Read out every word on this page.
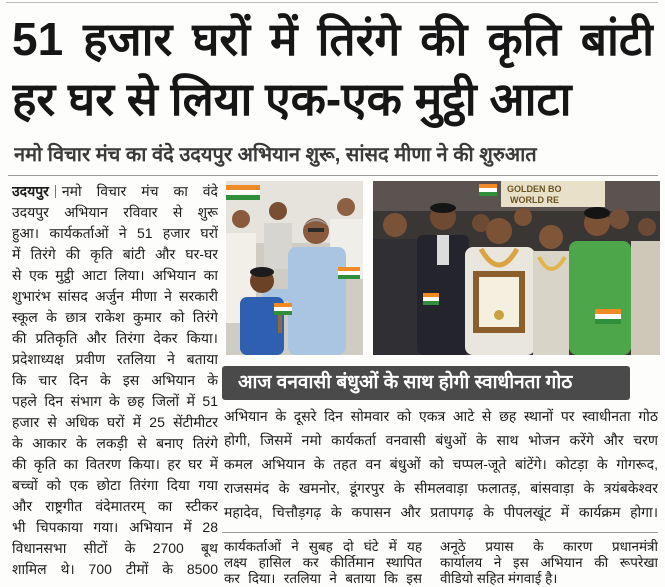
51 हजार घरों में तिरंगे की कृति बांटी
हर घर से लिया एक-एक मुट्ठी आटा
नमो विचार मंच का वंदे उदयपुर अभियान शुरू, सांसद मीणा ने की शुरुआत
उदयपुर नमो विचार मंच का वंदे
उदयपुर अभियान रविवार से शुरू
हुआ। कार्यकर्ताओं ने 51 हजार घरों
में तिरंगे की कृति बांटी और घर-घर
से एक मुट्ठी आटा लिया। अभियान का
शुभारंभ सांसद अर्जुन मीणा ने सरकारी
स्कूल के छात्र राकेश कुमार को तिरंगे
की प्रतिकृति और तिरंगा देकर किया।
प्रदेशाध्यक्ष प्रवीण रतलिया ने बताया
कि चार दिन के इस अभियान के
पहले दिन संभाग के छह जिलों में 51
हजार से अधिक घरों में 25 सेंटीमीटर
के आकार के लकड़ी से बनाए तिरंगे
की कृति का वितरण किया। हर घर में
बच्चों को एक छोटा तिरंगा दिया गया
और राष्ट्रगीत वंदेमातरम् का स्टीकर
भी चिपकाया गया। अभियान में 28
विधानसभा सीटों के 2700 बूथ
शामिल थे। 700 टीमों के 8500
GOLDEN BO
WORLD RE
आज वनवासी बंधुओं के साथ होगी स्वाधीनता गोठ
अभियान के दूसरे दिन सोमवार को एकत्र आटे से छह स्थानों पर स्वाधीनता गोठ
होगी, जिसमें नमो कार्यकर्ता वनवासी बंधुओं के साथ भोजन करेंगे और चरण
कमल अभियान के तहत वन बंधुओं को चप्पल-जूते बांटेंगे। कोटड़ा के गोगरूद,
राजसमंद के खमनोर, डूंगरपुर के सीमलवाड़ा फलातड़, बांसवाड़ा के त्रयंबकेश्वर
महादेव, चित्तौड़गढ़ के कपासन और प्रतापगढ़ के पीपलखूंट में कार्यक्रम होगा।
कार्यकर्ताओं ने सुबह दो घंटे में यह
लक्ष्य हासिल कर कीर्तिमान स्थापित
कर दिया। रतलिया ने बताया कि इस
अनूठे प्रयास के कारण प्रधानमंत्री
कार्यालय ने इस अभियान की रूपरेखा
वीडियो सहित मंगवाई है।
